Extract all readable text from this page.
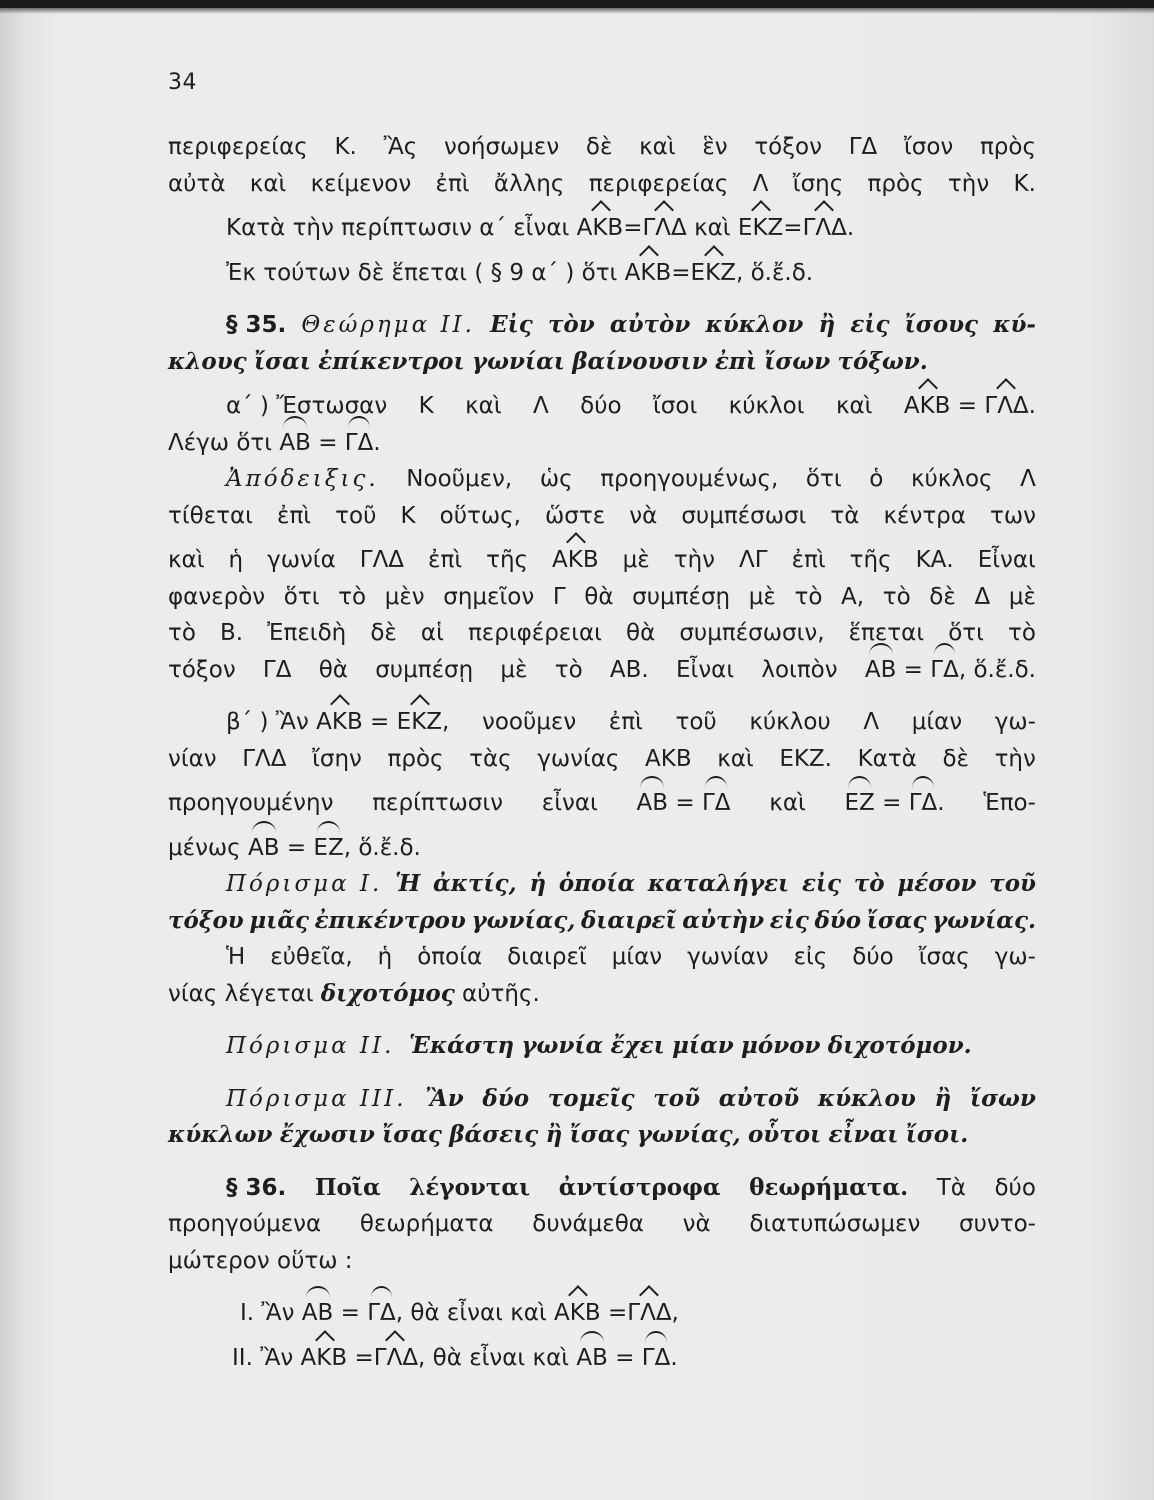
34
περιφερείας Κ. Ἂς νοήσωμεν δὲ καὶ ἓν τόξον ΓΔ ἴσον πρὸς
αὐτὰ καὶ κείμενον ἐπὶ ἄλλης περιφερείας Λ ἴσης πρὸς τὴν Κ.
Κατὰ τὴν περίπτωσιν α΄ εἶναι
Α Κ Β = Γ Λ Δ
καὶ
Ε Κ Ζ = Γ Λ Δ.
Ἐκ τούτων δὲ ἕπεται ( § 9 α΄ ) ὅτι
Α Κ Β = Ε Κ Ζ , ὅ.ἔ.δ.
§ 35. Θεώρημα II. Εἰς τὸν αὐτὸν κύκλον ἢ εἰς ἴσους κύ-
κλους
ἴσαι
ἐπίκεντροι
γωνίαι
βαίνουσιν
ἐπὶ
ἴσων
τόξων.
α΄ ) Ἔστωσαν Κ καὶ Λ δύο ἴσοι κύκλοι καὶ ΑΚΒ = ΓΛΔ.
Λέγω ὅτι
ΑΒ
=
ΓΔ .
Ἀπόδειξις. Νοοῦμεν, ὡς προηγουμένως, ὅτι ὁ κύκλος Λ
τίθεται ἐπὶ τοῦ Κ οὕτως, ὥστε νὰ συμπέσωσι τὰ κέντρα των
καὶ ἡ γωνία ΓΛΔ ἐπὶ τῆς ΑΚΒ μὲ τὴν ΛΓ ἐπὶ τῆς ΚΑ. Εἶναι
φανερὸν ὅτι τὸ μὲν σημεῖον Γ θὰ συμπέσῃ μὲ τὸ Α, τὸ δὲ Δ μὲ
τὸ Β. Ἐπειδὴ δὲ αἱ περιφέρειαι θὰ συμπέσωσιν, ἕπεται ὅτι τὸ
τόξον ΓΔ θὰ συμπέσῃ μὲ τὸ ΑΒ. Εἶναι λοιπὸν ΑΒ = ΓΔ, ὅ.ἔ.δ.
β΄ ) Ἂν ΑΚΒ = ΕΚΖ, νοοῦμεν ἐπὶ τοῦ κύκλου Λ μίαν γω-
νίαν ΓΛΔ ἴσην πρὸς τὰς γωνίας ΑΚΒ καὶ ΕΚΖ. Κατὰ δὲ τὴν
προηγουμένην περίπτωσιν εἶναι ΑΒ = ΓΔ καὶ ΕΖ = ΓΔ. Ἑπο-
μένως
ΑΒ
=
ΕΖ , ὅ.ἔ.δ.
Πόρισμα I. Ἡ ἀκτίς, ἡ ὁποία καταλήγει εἰς τὸ μέσον τοῦ
τόξου μιᾶς ἐπικέντρου γωνίας, διαιρεῖ αὐτὴν εἰς δύο ἴσας γωνίας.
Ἡ εὐθεῖα, ἡ ὁποία διαιρεῖ μίαν γωνίαν εἰς δύο ἴσας γω-
νίας λέγεται
διχοτόμος
αὐτῆς.
Πόρισμα II.
Ἑκάστη
γωνία
ἔχει
μίαν
μόνον
διχοτόμον.
Πόρισμα III. Ἂν δύο τομεῖς τοῦ αὐτοῦ κύκλου ἢ ἴσων
κύκλων
ἔχωσιν
ἴσας
βάσεις
ἢ
ἴσας
γωνίας,
οὗτοι
εἶναι
ἴσοι.
§ 36. Ποῖα λέγονται ἀντίστροφα θεωρήματα. Τὰ δύο
προηγούμενα θεωρήματα δυνάμεθα νὰ διατυπώσωμεν συντο-
μώτερον οὕτω :
I.
Ἂν
ΑΒ
=
ΓΔ , θὰ εἶναι καὶ
Α Κ Β
= Γ Λ Δ ,
II.
Ἂν
Α Κ Β
= Γ Λ Δ , θὰ εἶναι καὶ
ΑΒ
=
ΓΔ .
